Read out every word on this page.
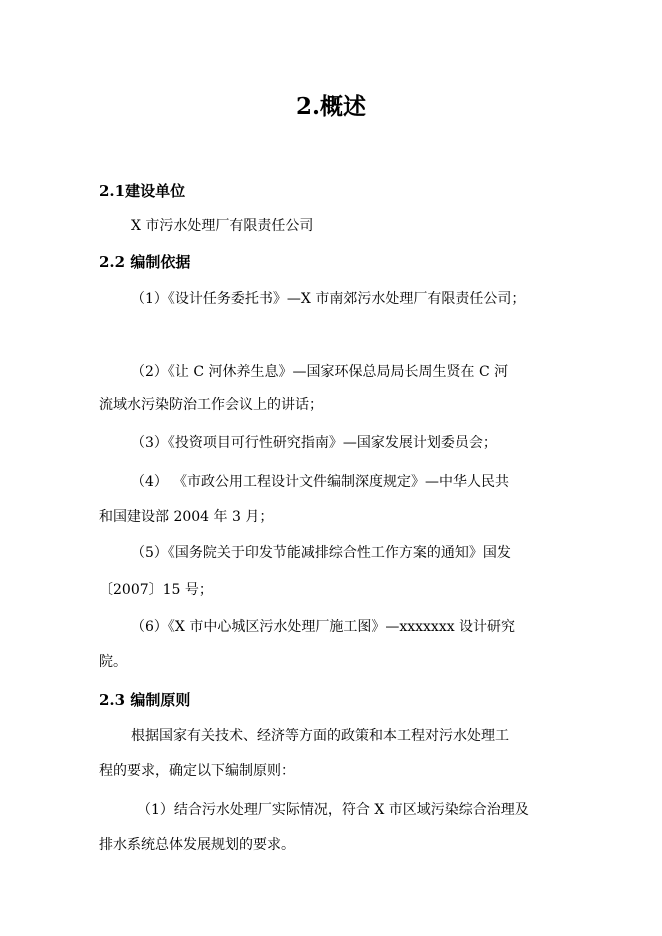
2.概述
2.1建设单位
X 市污水处理厂有限责任公司
2.2 编制依据
（1）《设计任务委托书》—X 市南郊污水处理厂有限责任公司；
（2）《让 C 河休养生息》—国家环保总局局长周生贤在 C 河
流域水污染防治工作会议上的讲话；
（3）《投资项目可行性研究指南》—国家发展计划委员会；
（4） 《市政公用工程设计文件编制深度规定》—中华人民共
和国建设部 2004 年 3 月；
（5）《国务院关于印发节能减排综合性工作方案的通知》国发
〔2007〕15 号；
（6）《X 市中心城区污水处理厂施工图》—xxxxxxx 设计研究
院。
2.3 编制原则
根据国家有关技术、经济等方面的政策和本工程对污水处理工
程的要求，确定以下编制原则：
（1）结合污水处理厂实际情况，符合 X 市区域污染综合治理及
排水系统总体发展规划的要求。
